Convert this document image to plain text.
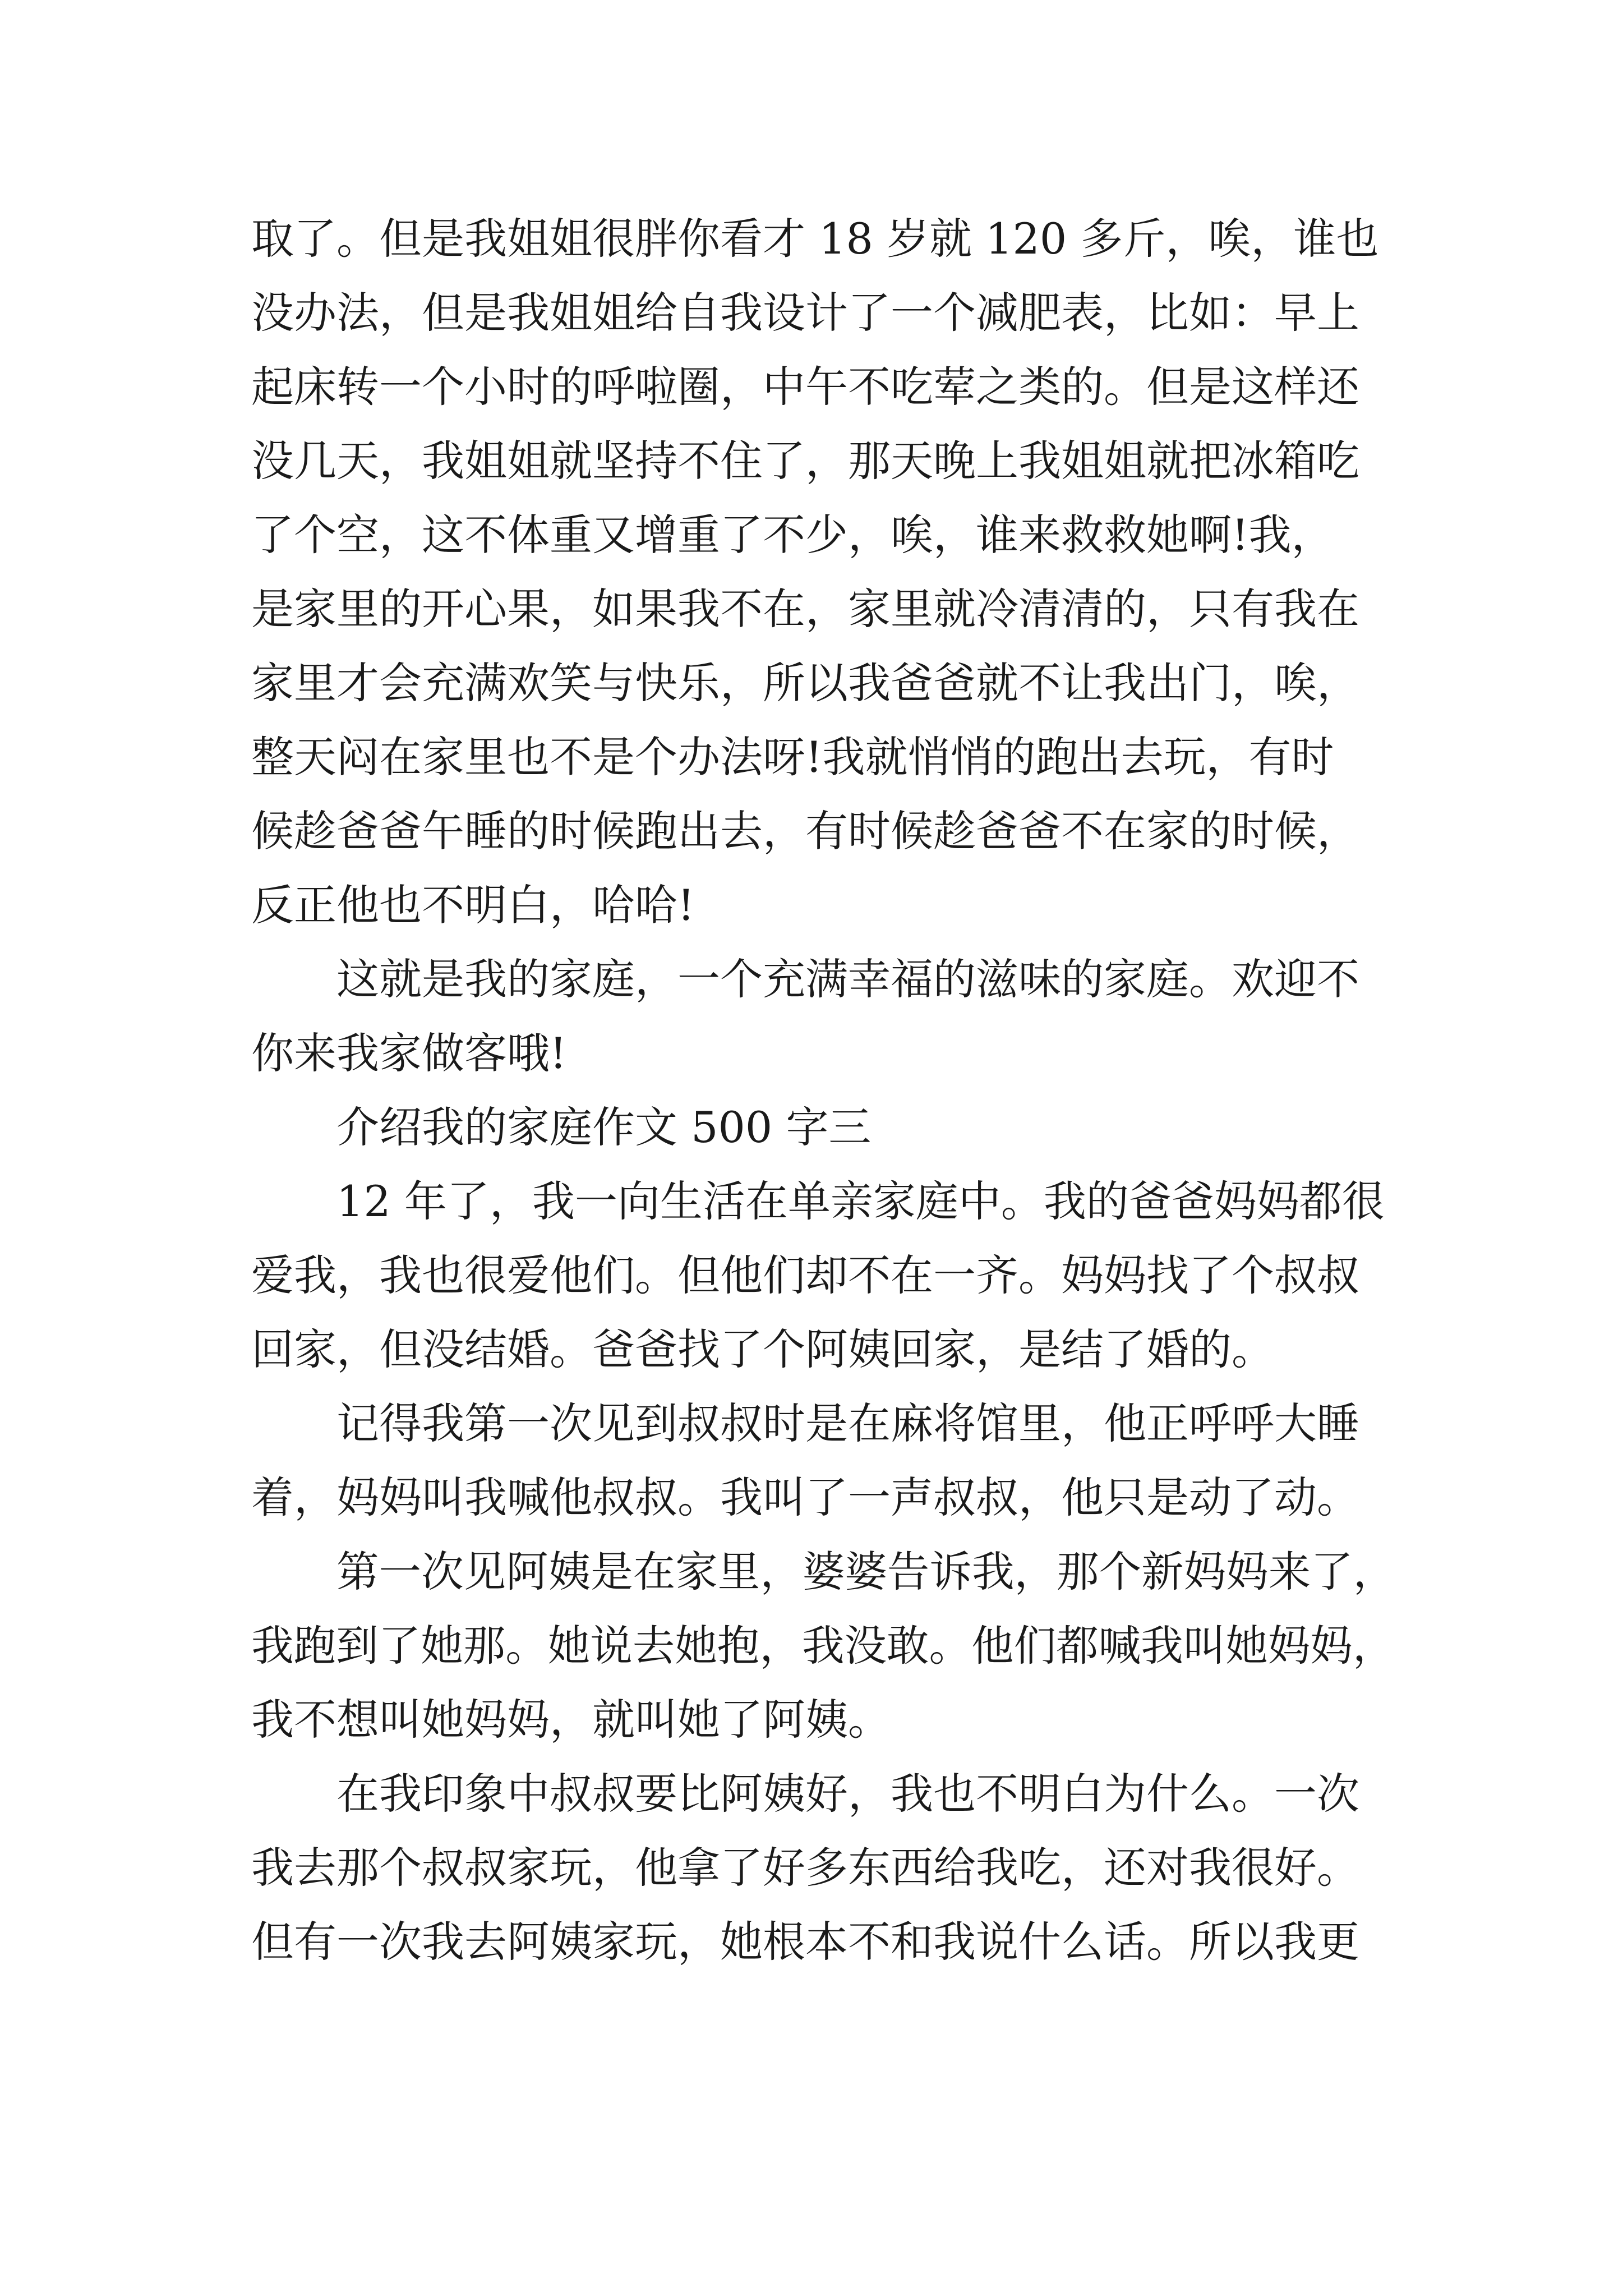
取了。但是我姐姐很胖你看才 18 岁就 120 多斤，唉，谁也
没办法，但是我姐姐给自我设计了一个减肥表，比如：早上
起床转一个小时的呼啦圈，中午不吃荤之类的。但是这样还
没几天，我姐姐就坚持不住了，那天晚上我姐姐就把冰箱吃
了个空，这不体重又增重了不少，唉，谁来救救她啊!我，
是家里的开心果，如果我不在，家里就冷清清的，只有我在
家里才会充满欢笑与快乐，所以我爸爸就不让我出门，唉，
整天闷在家里也不是个办法呀!我就悄悄的跑出去玩，有时
候趁爸爸午睡的时候跑出去，有时候趁爸爸不在家的时候，
反正他也不明白，哈哈!
这就是我的家庭，一个充满幸福的滋味的家庭。欢迎不
你来我家做客哦!
介绍我的家庭作文 500 字三
12 年了，我一向生活在单亲家庭中。我的爸爸妈妈都很
爱我，我也很爱他们。但他们却不在一齐。妈妈找了个叔叔
回家，但没结婚。爸爸找了个阿姨回家，是结了婚的。
记得我第一次见到叔叔时是在麻将馆里，他正呼呼大睡
着，妈妈叫我喊他叔叔。我叫了一声叔叔，他只是动了动。
第一次见阿姨是在家里，婆婆告诉我，那个新妈妈来了，
我跑到了她那。她说去她抱，我没敢。他们都喊我叫她妈妈，
我不想叫她妈妈，就叫她了阿姨。
在我印象中叔叔要比阿姨好，我也不明白为什么。一次
我去那个叔叔家玩，他拿了好多东西给我吃，还对我很好。
但有一次我去阿姨家玩，她根本不和我说什么话。所以我更
